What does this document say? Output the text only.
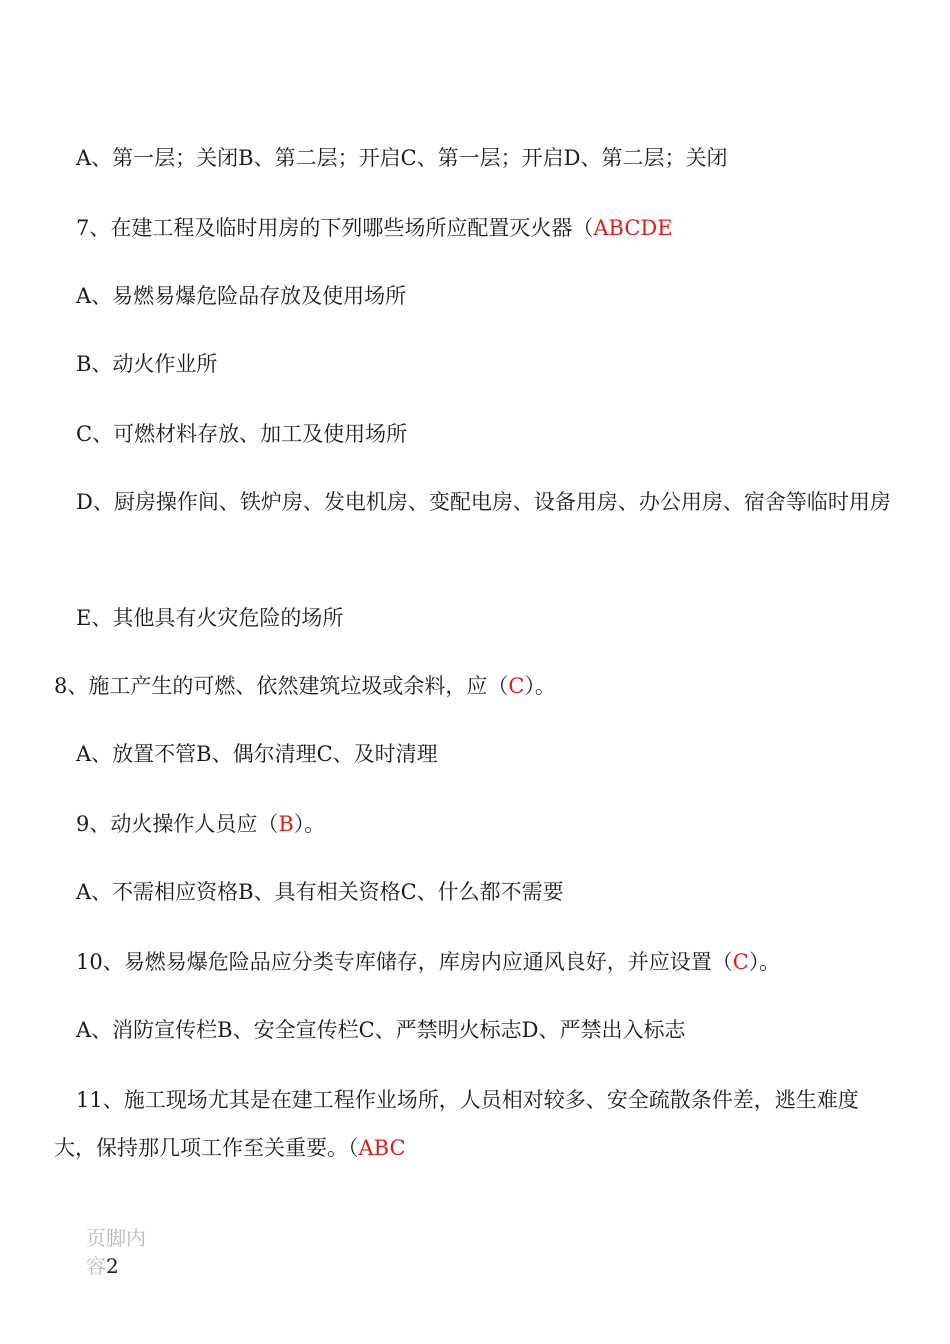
A、第一层；关闭B、第二层；开启C、第一层；开启D、第二层；关闭
7、在建工程及临时用房的下列哪些场所应配置灭火器（ABCDE
A、易燃易爆危险品存放及使用场所
B、动火作业所
C、可燃材料存放、加工及使用场所
D、厨房操作间、铁炉房、发电机房、变配电房、设备用房、办公用房、宿舍等临时用房
E、其他具有火灾危险的场所
8、施工产生的可燃、依然建筑垃圾或余料，应（C）。
A、放置不管B、偶尔清理C、及时清理
9、动火操作人员应（B）。
A、不需相应资格B、具有相关资格C、什么都不需要
10、易燃易爆危险品应分类专库储存，库房内应通风良好，并应设置（C）。
A、消防宣传栏B、安全宣传栏C、严禁明火标志D、严禁出入标志
11、施工现场尤其是在建工程作业场所，人员相对较多、安全疏散条件差，逃生难度大，保持那几项工作至关重要。（ABC
页脚内容2
